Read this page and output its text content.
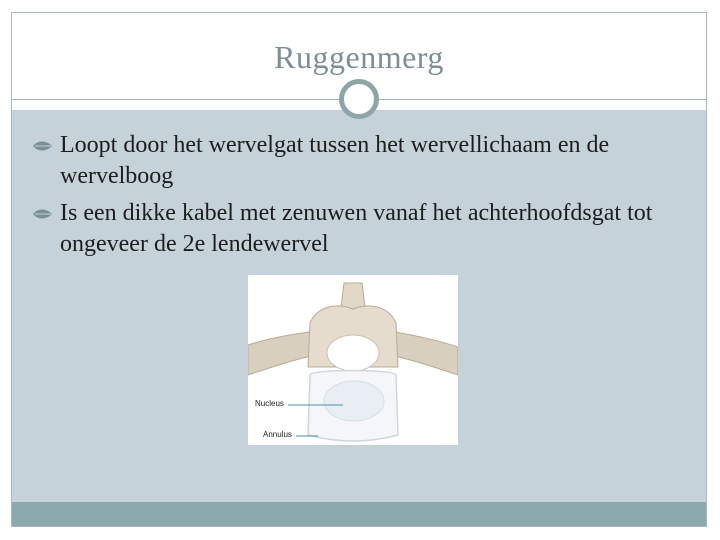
Ruggenmerg
Loopt door het wervelgat tussen het wervellichaam en de wervelboog
Is een dikke kabel met zenuwen vanaf het achterhoofdsgat tot ongeveer de 2e lendewervel
Nucleus
Annulus
